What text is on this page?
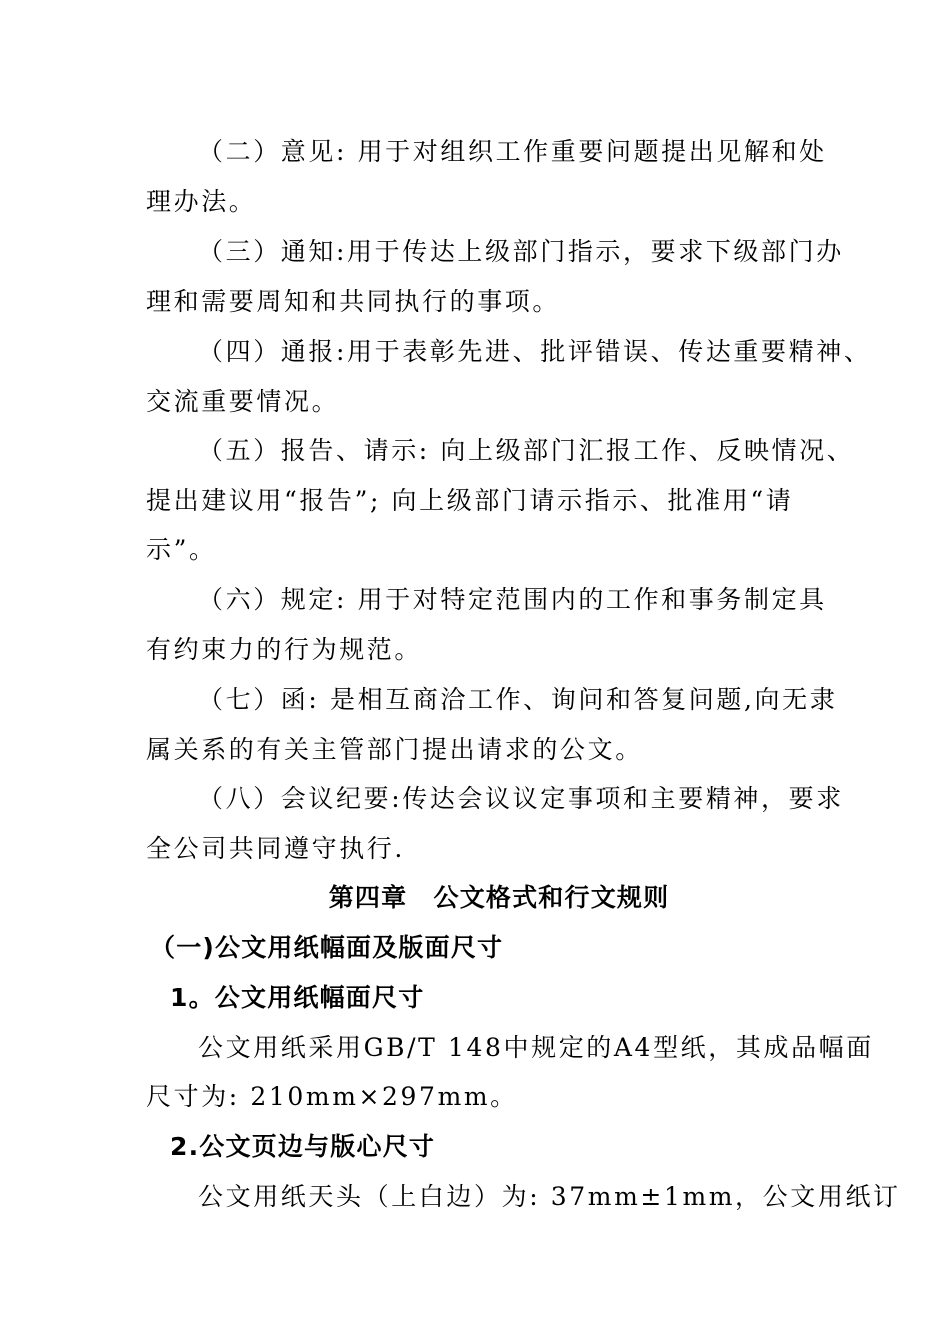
（二）意见: 用于对组织工作重要问题提出见解和处
理办法。
（三）通知:用于传达上级部门指示，要求下级部门办
理和需要周知和共同执行的事项。
（四）通报:用于表彰先进、批评错误、传达重要精神、
交流重要情况。
（五）报告、请示: 向上级部门汇报工作、反映情况、
提出建议用“报告”; 向上级部门请示指示、批准用“请
示”。
（六）规定: 用于对特定范围内的工作和事务制定具
有约束力的行为规范。
（七）函: 是相互商洽工作、询问和答复问题,向无隶
属关系的有关主管部门提出请求的公文。
（八）会议纪要:传达会议议定事项和主要精神，要求
全公司共同遵守执行.
第四章　公文格式和行文规则
（一)公文用纸幅面及版面尺寸
1。公文用纸幅面尺寸
公文用纸采用GB/T 148中规定的A4型纸，其成品幅面
尺寸为: 210mm×297mm。
2.公文页边与版心尺寸
公文用纸天头（上白边）为: 37mm±1mm，公文用纸订
